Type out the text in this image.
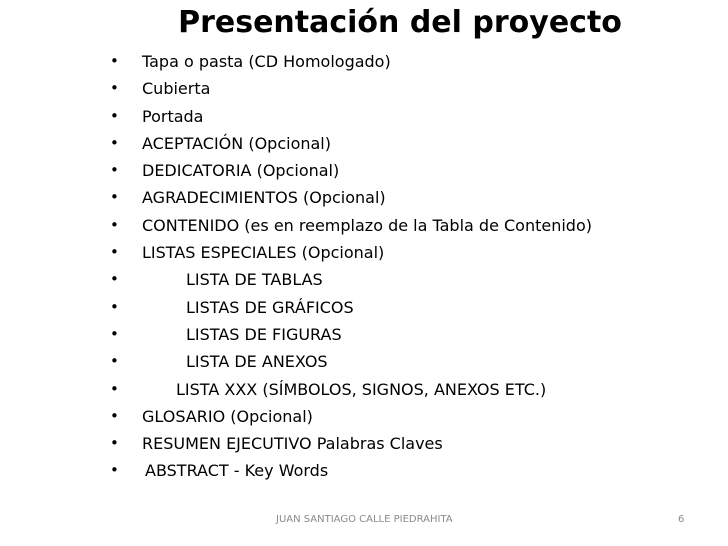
Presentación del proyecto
•	Tapa o pasta (CD Homologado)
•	Cubierta
•	Portada
•	ACEPTACIÓN (Opcional)
•	DEDICATORIA (Opcional)
•	AGRADECIMIENTOS (Opcional)
•	CONTENIDO (es en reemplazo de la Tabla de Contenido)
•	LISTAS ESPECIALES (Opcional)
•	LISTA DE TABLAS
•	LISTAS DE GRÁFICOS
•	LISTAS DE FIGURAS
•	LISTA DE ANEXOS
•	LISTA XXX (SÍMBOLOS, SIGNOS, ANEXOS ETC.)
•	GLOSARIO (Opcional)
•	RESUMEN EJECUTIVO Palabras Claves
•	ABSTRACT - Key Words
JUAN SANTIAGO CALLE PIEDRAHITA	6
